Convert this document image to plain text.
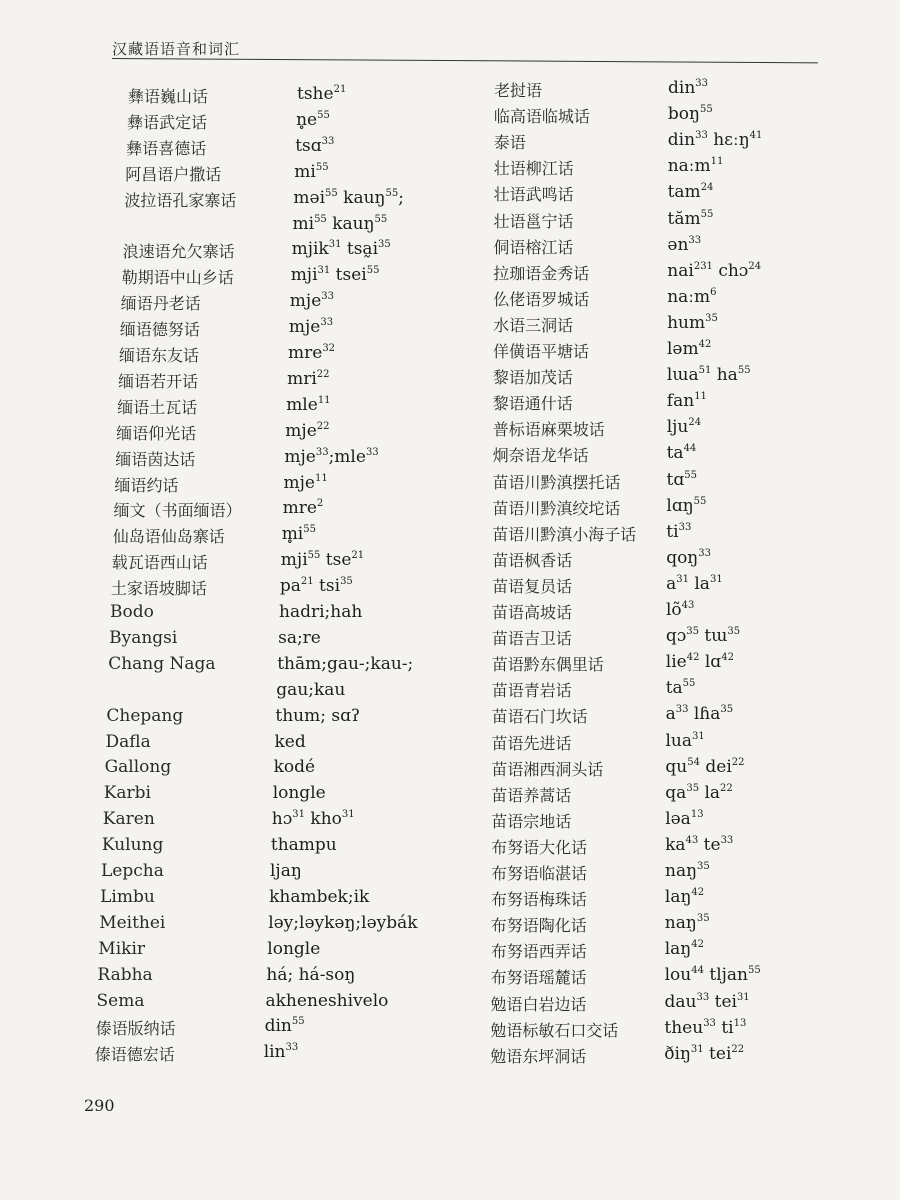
汉藏语语音和词汇
彝语巍山话	tshe$^{21}$
彝语武定话	$n̥e^{55}$
彝语喜德话	tsɑ$^{33}$
阿昌语户撒话	$mi^{55}$
波拉语孔家寨话	məi$^{55}$ kauŋ$^{55}$;
$mi^{55}$ kauŋ$^{55}$
浪速语允欠寨话	mjik$^{31}$ $tsa̰i^{35}$
勒期语中山乡话	mji$^{31}$ tsei$^{55}$
缅语丹老话	mje$^{33}$
缅语德努话	mje$^{33}$
缅语东友话	mre$^{32}$
缅语若开话	mri$^{22}$
缅语土瓦话	mle$^{11}$
缅语仰光话	mje$^{22}$
缅语茵达话	mje$^{33}$;mle$^{33}$
缅语约话	mje$^{11}$
缅文（书面缅语） mre$^2$
仙岛语仙岛寨话	$m̥i^{55}$
载瓦语西山话	mji$^{55}$ tse$^{21}$
土家语坡脚话	$pa^{21}$ tsi$^{35}$
Bodo	hadri;hah
Byangsi	sa;re
Chang Naga	thām;gau-;kau-;
gau;kau
Chepang	thum; sɑʔ
Dafla	ked
Gallong	kodé
Karbi	longle
Karen	hɔ$^{31}$ kho$^{31}$
Kulung	thampu
Lepcha	ljaŋ
Limbu	khambek;ik
Meithei	ləy;ləykəŋ;ləybák
Mikir	longle
Rabha	há; há-soŋ
Sema	akheneshivelo
傣语版纳话	din$^{55}$
傣语德宏话	lin$^{33}$
老挝语	din$^{33}$
临高语临城话	boŋ$^{55}$
泰语	din$^{33}$ hɛːŋ$^{41}$
壮语柳江话	naːm$^{11}$
壮语武鸣话	tam$^{24}$
壮语邕宁话	tăm$^{55}$
侗语榕江话	ən$^{33}$
拉珈语金秀话	nai$^{231}$ chɔ$^{24}$
仫佬语罗城话	naːm$^6$
水语三洞话	hum$^{35}$
佯僙语平塘话	ləm$^{42}$
黎语加茂话	lɯa$^{51}$ $ha^{55}$
黎语通什话	fan$^{11}$
普标语麻栗坡话	lju$^{24}$
炯奈语龙华话	$ta^{44}$
苗语川黔滇摆托话	tɑ$^{55}$
苗语川黔滇绞坨话	lɑŋ$^{55}$
苗语川黔滇小海子话 $ti^{33}$
苗语枫香话	qoŋ$^{33}$
苗语复员话	$a^{31}$ $la^{31}$
苗语高坡话	$lõ^{43}$
苗语吉卫话	qɔ$^{35}$ tɯ$^{35}$
苗语黔东偶里话	lie$^{42}$ lɑ$^{42}$
苗语青岩话	$ta^{55}$
苗语石门坎话	$a^{33}$ lɦa$^{35}$
苗语先进话	lua$^{31}$
苗语湘西洞头话	$qu^{54}$ dei$^{22}$
苗语养蒿话	$qa^{35}$ $la^{22}$
苗语宗地话	ləa$^{13}$
布努语大化话	$ka^{43}$ $te^{33}$
布努语临湛话	naŋ$^{35}$
布努语梅珠话	laŋ$^{42}$
布努语陶化话	naŋ$^{35}$
布努语西弄话	laŋ$^{42}$
布努语瑶麓话	lou$^{44}$ tljan$^{55}$
勉语白岩边话	dau$^{33}$ tei$^{31}$
勉语标敏石口交话	theu$^{33}$ $ti^{13}$
勉语东坪洞话	ðiŋ$^{31}$ tei$^{22}$
290
